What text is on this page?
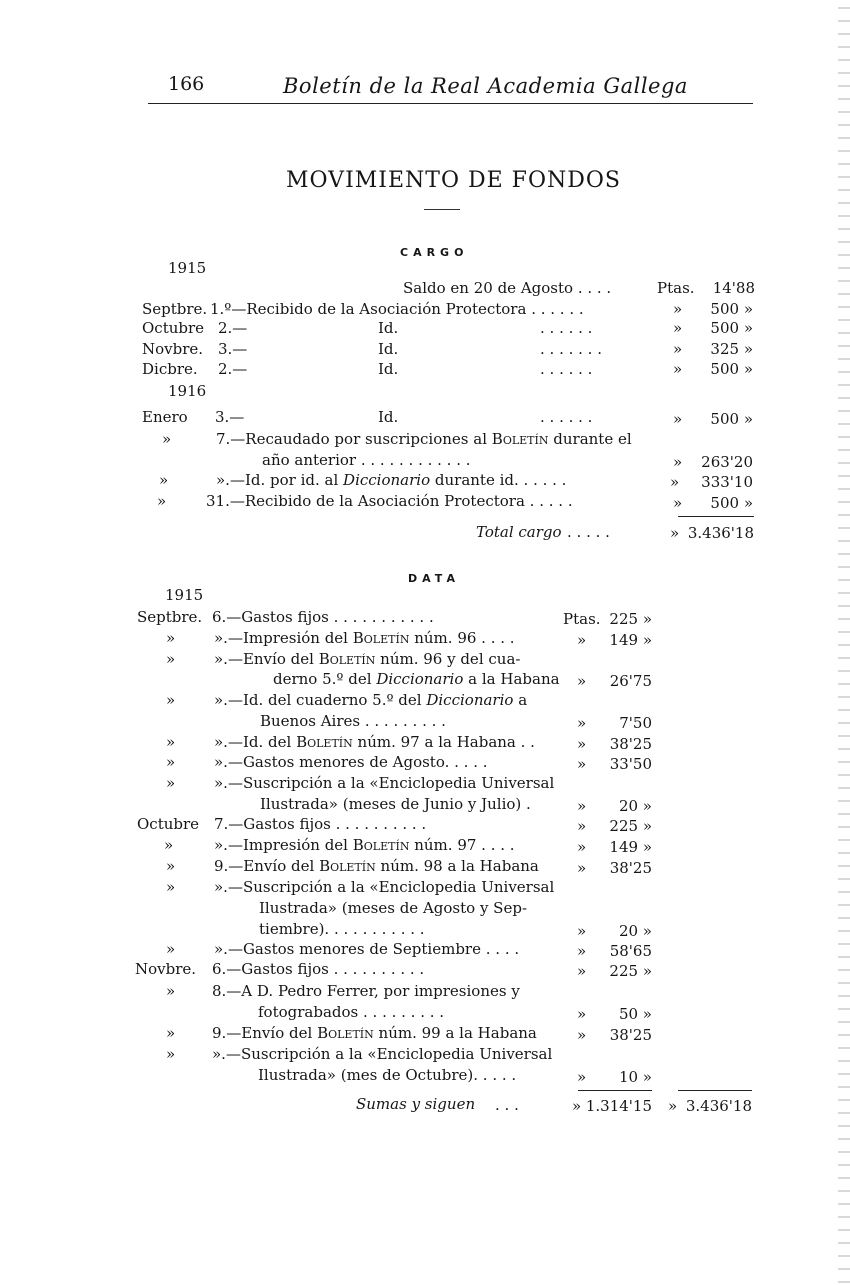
166	Boletín de la Real Academia Gallega
MOVIMIENTO DE FONDOS
CARGO
1915
Saldo en 20 de Agosto . . . .	Ptas.	14'88
Septbre. 1.º—Recibido de la Asociación Protectora . . . . . .	»	500 »
Octubre 2.—	Id.	. . . . . .	»	500 »
Novbre. 3.—	Id.	. . . . . . .	»	325 »
Dicbre. 2.—	Id.	. . . . . .	»	500 »
1916
Enero 3.—	Id.	. . . . . .	»	500 »
»	7.—Recaudado por suscripciones al Boletín durante el
año anterior . . . . . . . . . . . .	»	263'20
»	».—Id. por id. al Diccionario durante id. . . . . .	»	333'10
»	31.—Recibido de la Asociación Protectora . . . . .	»	500 »
Total cargo . . . . .	» 3.436'18
DATA
1915
Septbre. 6.—Gastos fijos . . . . . . . . . . .	Ptas. 225 »
»	».—Impresión del Boletín núm. 96 . . . .	»	149 »
»	».—Envío del Boletín núm. 96 y del cua-
derno 5.º del Diccionario a la Habana »	26'75
»	».—Id. del cuaderno 5.º del Diccionario a
Buenos Aires . . . . . . . . .	»	7'50
»	».—Id. del Boletín núm. 97 a la Habana . .	»	38'25
»	».—Gastos menores de Agosto. . . . .	»	33'50
»	».—Suscripción a la «Enciclopedia Universal
Ilustrada» (meses de Junio y Julio) .	»	20 »
Octubre 7.—Gastos fijos . . . . . . . . . .	»	225 »
»	».—Impresión del Boletín núm. 97 . . . .	»	149 »
»	9.—Envío del Boletín núm. 98 a la Habana	»	38'25
»	».—Suscripción a la «Enciclopedia Universal
Ilustrada» (meses de Agosto y Sep-
tiembre). . . . . . . . . . .	»	20 »
»	».—Gastos menores de Septiembre . . . .	»	58'65
Novbre. 6.—Gastos fijos . . . . . . . . . .	»	225 »
» 8.—A D. Pedro Ferrer, por impresiones y
fotograbados . . . . . . . . .	»	50 »
» 9.—Envío del Boletín núm. 99 a la Habana	»	38'25
» ».—Suscripción a la «Enciclopedia Universal
Ilustrada» (mes de Octubre). . . . .	»	10 »
Sumas y siguen . . .	» 1.314'15 » 3.436'18
